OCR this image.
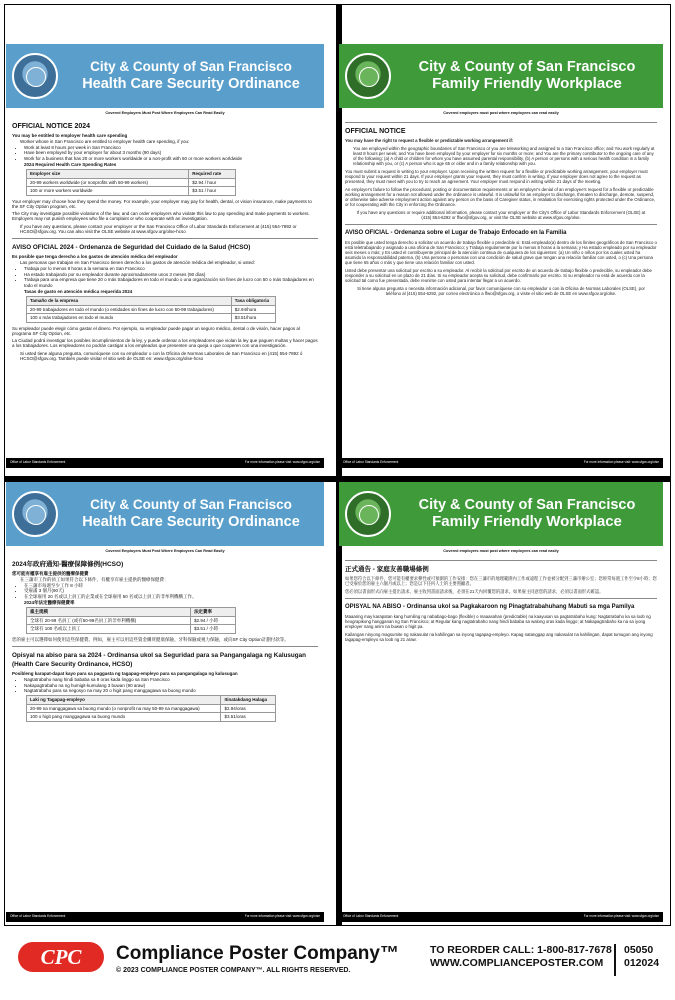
City & County of San Francisco
Health Care Security Ordinance
Covered Employers Must Post Where Employees Can Read Easily
OFFICIAL NOTICE 2024
You may be entitled to employer health care spending
Worker whose in San Francisco are entitled to employer health care spending, if you:
• Work at least 8 hours per week in San Francisco
• Have been employed by your employer for about 3 months (90 days)
• Work for a business that has 20 or more workers worldwide or a non-profit with 50 or more workers worldwide
2024 Required Health Care Spending Rates
Employer size	Required rate
20-99 workers worldwide (or nonprofits with 50-99 workers)	$2.94 / hour
100 or more workers worldwide	$3.51 / hour
Your employer may choose how they spend the money. For example, your employer may pay for health, dental, or vision insurance, make payments to the SF City Option program, etc.
The City may investigate possible violations of the law, and can order employers who violate this law to pay spending and make payments to workers. Employers may not punish employees who file a complaint or who cooperate with an investigation.
If you have any questions, please contact your employer or the San Francisco Office of Labor Standards Enforcement at (415) 554-7892 or HCSO@sfgov.org. You can also visit the OLSE website at www.sfgov.org/olse-hcso
AVISO OFICIAL 2024 - Ordenanza de Seguridad del Cuidado de la Salud (HCSO)
Es posible que tenga derecho a los gastos de atención médica del empleador
Las personas que trabajan en San Francisco tienen derecho a los gastos de atención médica del empleador, si usted:
• Trabaja por lo menos 8 horas a la semana en San Francisco
• Ha estado trabajando por su empleador durante aproximadamente unos 3 meses (90 días)
• Trabaja para una empresa que tiene 20 o más trabajadores en todo el mundo o una organización sin fines de lucro con 50 o más trabajadores en todo el mundo
Tasas de gasto en atención médica requerida 2024
Tamaño de la empresa	Tasa obligatoria
20-99 trabajadores en todo el mundo (o entidades sin fines de lucro con 50-99 trabajadores)	$2.94/hora
100 o más trabajadores en todo el mundo	$3.51/hora
Su empleador puede elegir cómo gastar el dinero. Por ejemplo, su empleador puede pagar un seguro médico, dental o de visión, hacer pagos al programa SF City Option, etc.
La Ciudad podrá investigar los posibles incumplimientos de la ley, y puede ordenar a los empleadores que violan la ley que paguen multas y hacer pagos a los trabajadores. Los empleadores no podrán castigar a los empleados que presenten una queja o que cooperen con una investigación.
Si usted tiene alguna pregunta, comuníquese con su empleador o con la Oficina de Normas Laborales de San Francisco en (415) 554-7892 ó HCSO@sfgov.org. También puede visitar el sitio web de OLSE en: www.sfgov.org/olse-hcso
Office of Labor Standards Enforcement	For more information please visit: www.sfgov.org/olse
City & County of San Francisco
Family Friendly Workplace
Covered employers must post where employees can read easily
OFFICIAL NOTICE
You may have the right to request a flexible or predictable working arrangement if:
You are employed within the geographic boundaries of San Francisco or you are teleworking and assigned to a San Francisco office; and You work regularly at least 8 hours per week; and You have been employed by your employer for six months or more; and You are the primary contributor to the ongoing care of any of the following: (a) A child or children for whom you have assumed parental responsibility, (b) A person or persons with a serious health condition in a family relationship with you, or (c) A person who is age 65 or older and in a family relationship with you.
You must submit a request in writing to your employer. Upon receiving the written request for a flexible or predictable working arrangement, your employer must respond to your request within 21 days. If your employer grants your request, they must confirm in writing. If your employer does not agree to the request as presented, they must meet with you to try to reach an agreement. Your employer must respond in writing within 21 days of the meeting.
An employer's failure to follow the procedural, posting or documentation requirements or an employer's denial of an employee's request for a flexible or predictable working arrangement for a reason not allowed under the ordinance is unlawful. It is unlawful for an employer to discharge, threaten to discharge, demote, suspend, or otherwise take adverse employment action against any person on the basis of Caregiver status, in retaliation for exercising rights protected under the Ordinance, or for cooperating with the City in enforcing the Ordinance.
If you have any questions or require additional information, please contact your employer or the City's Office of Labor Standards Enforcement (OLSE) at (415) 554-6292 or ffwo@sfgov.org, or visit the OLSE website at www.sfgov.org/olse.
AVISO OFICIAL - Ordenanza sobre el Lugar de Trabajo Enfocado en la Familia
Es posible que usted tenga derecho a solicitar un acuerdo de trabajo flexible o predecible si: Está empleado(a) dentro de los límites geográficos de San Francisco o está teletrabajando y asignado a una oficina de San Francisco; y Trabaja regularmente por lo menos 8 horas a la semana; y Ha estado empleado por su empleador seis meses o más; y Es usted el contribuyente principal de la atención continua de cualquiera de los siguientes: (a) Un niño o niños por los cuales usted ha asumido la responsabilidad paterna, (b) Una persona o personas con una condición de salud grave que tengan una relación familiar con usted, o (c) Una persona que tiene 65 años o más y que tiene una relación familiar con usted.
Usted debe presentar una solicitud por escrito a su empleador. Al recibir la solicitud por escrito de un acuerdo de trabajo flexible o predecible, su empleador debe responder a su solicitud en un plazo de 21 días. Si su empleador acepta su solicitud, debe confirmarlo por escrito. Si su empleador no está de acuerdo con la solicitud tal como fue presentada, debe reunirse con usted para intentar llegar a un acuerdo.
Si tiene alguna pregunta o necesita información adicional, por favor comuníquese con su empleador o con la Oficina de Normas Laborales (OLSE), por teléfono al (415) 554-6292, por correo electrónico a ffwo@sfgov.org, o visite el sitio web de OLSE en www.sfgov.org/olse.
Office of Labor Standards Enforcement	For more information please visit: www.sfgov.org/olse
City & County of San Francisco
Health Care Security Ordinance
Covered Employers Must Post Where Employees Can Read Easily
2024年政府通知-醫療保障條例(HCSO)
您可能有權享有雇主提供的醫療保健費
在三藩市工作的員工如果符合以下條件，有權享有雇主提供的醫療保健費：
• 在三藩市每週至少工作 8 小時
• 受雇滿 3 個月(90天)
• 在全球雇用 20 名或以上員工的企業或在全球雇用 50 名或以上員工的非牟利機構工作。
2024年法定醫療保健費率
雇主規模	法定費率
全球有 20-99 名員工 (或有50-99名員工的非牟利機構)	$2.94 / 小時
全球有 100 名或以上員工	$3.51 / 小時
您的雇主可以選擇如何使用這些保健費。例如，雇主可以用這些資金購買健康保險、牙科保險或視力保險，或向SF City Option計劃付款等。
Opisyal na abiso para sa 2024 - Ordinansa ukol sa Seguridad para sa Pangangalaga ng Kalusugan (Health Care Security Ordinance, HCSO)
Posibleng karapat-dapat kayo para sa paggasta ng tagapag-empleyo para sa pangangalaga ng kalusugan
• Nagtatrabaho nang hindi bababa sa 8 oras kada linggo sa San Francisco
• Nakapagtrabaho na ng humigit-kumulang 3 buwan (90 araw)
• Nagtatrabaho para sa negosyo na may 20 o higit pang manggagawa sa buong mundo
Laki ng Tagapag-empleyo	Itinatakdang Halaga
20-99 na manggagawa sa buong mundo (o nonprofit na may 50-99 na manggagawa)	$2.94/oras
100 o higit pang manggagawa sa buong mundo	$3.51/oras
Office of Labor Standards Enforcement	For more information please visit: www.sfgov.org/olse
City & County of San Francisco
Family Friendly Workplace
Covered employers must post where employees can read easily
正式通告 - 家庭友善職場條例
如果您符合以下條件，您可能有權要求彈性或可預測的工作安排：您在三藩市的地理範圍內工作或遠程工作並被分配到三藩市辦公室；您經常每週工作至少8小時；您已受雇於您的雇主六個月或以上；您是以下任何人士的主要照顧者。
您必須以書面形式向雇主提出請求。雇主收到書面請求後，必須在21天內回覆您的請求。如果雇主同意您的請求，必須以書面形式確認。
OPISYAL NA ABISO - Ordinansa ukol sa Pagkakaroon ng Pinagtatrabahuhang Mabuti sa mga Pamilya
Maaaring may karapatan kang humiling ng nababago-bago (flexible) o maaasahan (predictable) na kaayusan sa pagtatrabaho kung: Nagtatrabaho ka sa loob ng heograpikong hangganan ng San Francisco; at Regular kang nagtatrabaho nang hindi bababa sa walong oras kada linggo; at Nakapagtrabaho ka na sa iyong employer nang anim na buwan o higit pa.
Kailangan ninyong magsumite ng nakasulat na kahilingan sa inyong tagapag-empleyo. Kapag natanggap ang nakasulat na kahilingan, dapat tumugon ang inyong tagapag-empleyo sa loob ng 21 araw.
Office of Labor Standards Enforcement	For more information please visit: www.sfgov.org/olse
CPC	Compliance Poster Company™
© 2023 COMPLIANCE POSTER COMPANY™. ALL RIGHTS RESERVED.
TO REORDER CALL: 1-800-817-7678
WWW.COMPLIANCEPOSTER.COM
05050
012024
